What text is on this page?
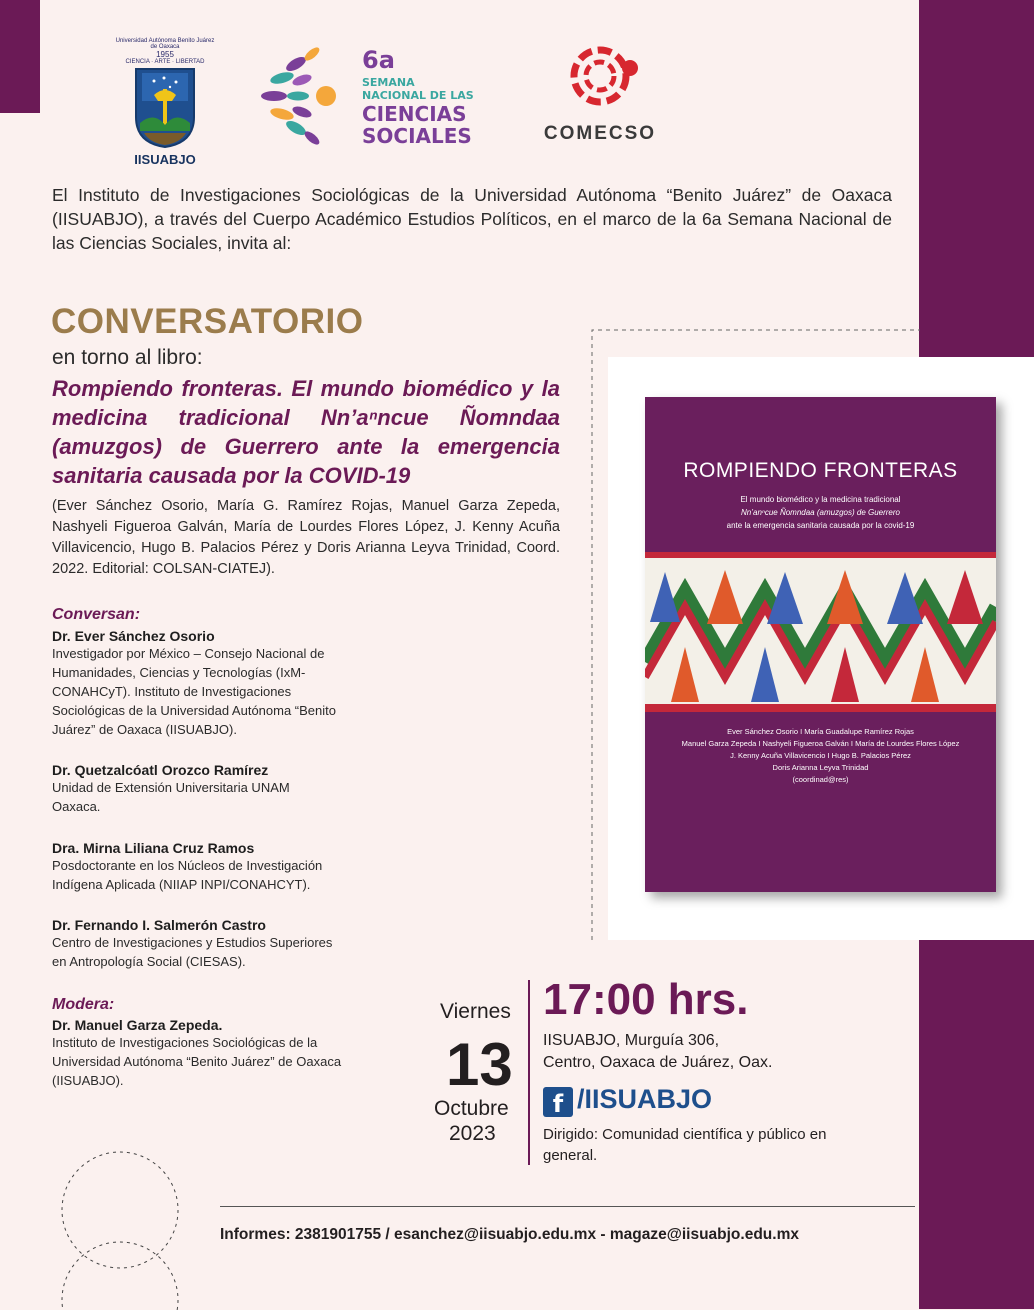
Universidad Autónoma Benito Juárez de Oaxaca
1955
CIENCIA · ARTE · LIBERTAD
IISUABJO
6a
SEMANA
NACIONAL DE LAS
CIENCIAS
SOCIALES	COMECSO
El Instituto de Investigaciones Sociológicas de la Universidad Autónoma “Benito Juárez” de Oaxaca (IISUABJO), a través del Cuerpo Académico Estudios Políticos, en el marco de la 6a Semana Nacional de las Ciencias Sociales, invita al:
CONVERSATORIO
en torno al libro:
Rompiendo fronteras. El mundo biomédico y la medicina tradicional Nn’aⁿncue Ñomndaa (amuzgos) de Guerrero ante la emergencia sanitaria causada por la COVID-19
(Ever Sánchez Osorio, María G. Ramírez Rojas, Manuel Garza Zepeda, Nashyeli Figueroa Galván, María de Lourdes Flores López, J. Kenny Acuña Villavicencio, Hugo B. Palacios Pérez y Doris Arianna Leyva Trinidad, Coord. 2022. Editorial: COLSAN-CIATEJ).
Conversan:
Dr. Ever Sánchez Osorio
Investigador por México – Consejo Nacional de Humanidades, Ciencias y Tecnologías (IxM-CONAHCyT). Instituto de Investigaciones Sociológicas de la Universidad Autónoma “Benito Juárez” de Oaxaca (IISUABJO).
Dr. Quetzalcóatl Orozco Ramírez
Unidad de Extensión Universitaria UNAM Oaxaca.
Dra. Mirna Liliana Cruz Ramos
Posdoctorante en los Núcleos de Investigación Indígena Aplicada (NIIAP INPI/CONAHCYT).
Dr. Fernando I. Salmerón Castro
Centro de Investigaciones y Estudios Superiores en Antropología Social (CIESAS).
Modera:
Dr. Manuel Garza Zepeda.
Instituto de Investigaciones Sociológicas de la Universidad Autónoma “Benito Juárez” de Oaxaca (IISUABJO).
ROMPIENDO FRONTERAS
El mundo biomédico y la medicina tradicional
Nn’anⁿcue Ñomndaa (amuzgos) de Guerrero
ante la emergencia sanitaria causada por la covid-19
Ever Sánchez Osorio I María Guadalupe Ramírez Rojas
Manuel Garza Zepeda I Nashyeli Figueroa Galván I María de Lourdes Flores López
J. Kenny Acuña Villavicencio I Hugo B. Palacios Pérez
Doris Arianna Leyva Trinidad
(coordinad@res)
Viernes
13
Octubre
2023
17:00 hrs.
IISUABJO, Murguía 306,
Centro, Oaxaca de Juárez, Oax.
f /IISUABJO
Dirigido: Comunidad científica y público en general.
Informes: 2381901755 / esanchez@iisuabjo.edu.mx - magaze@iisuabjo.edu.mx
